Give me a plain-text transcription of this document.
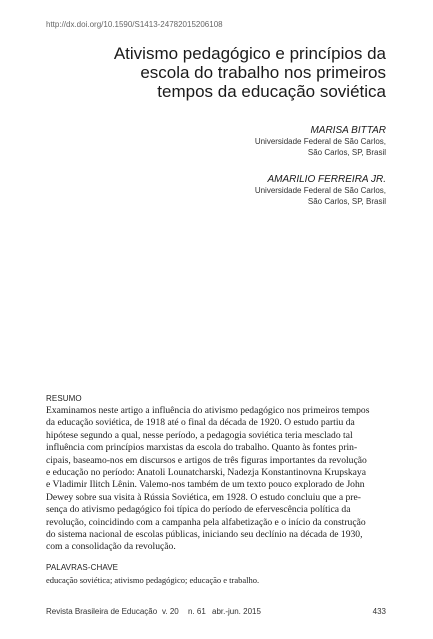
http://dx.doi.org/10.1590/S1413-24782015206108
Ativismo pedagógico e princípios da
escola do trabalho nos primeiros
tempos da educação soviética
MARISA BITTAR
Universidade Federal de São Carlos,
São Carlos, SP, Brasil
AMARILIO FERREIRA JR.
Universidade Federal de São Carlos,
São Carlos, SP, Brasil
RESUMO
Examinamos neste artigo a influência do ativismo pedagógico nos primeiros tempos
da educação soviética, de 1918 até o final da década de 1920. O estudo partiu da
hipótese segundo a qual, nesse período, a pedagogia soviética teria mesclado tal
influência com princípios marxistas da escola do trabalho. Quanto às fontes prin-
cipais, baseamo-nos em discursos e artigos de três figuras importantes da revolução
e educação no período: Anatoli Lounatcharski, Nadezja Konstantinovna Krupskaya
e Vladimir Ilitch Lênin. Valemo-nos também de um texto pouco explorado de John
Dewey sobre sua visita à Rússia Soviética, em 1928. O estudo concluiu que a pre-
sença do ativismo pedagógico foi típica do período de efervescência política da
revolução, coincidindo com a campanha pela alfabetização e o início da construção
do sistema nacional de escolas públicas, iniciando seu declínio na década de 1930,
com a consolidação da revolução.
PALAVRAS-CHAVE
educação soviética; ativismo pedagógico; educação e trabalho.
Revista Brasileira de Educação v. 20 n. 61 abr.-jun. 2015	433
